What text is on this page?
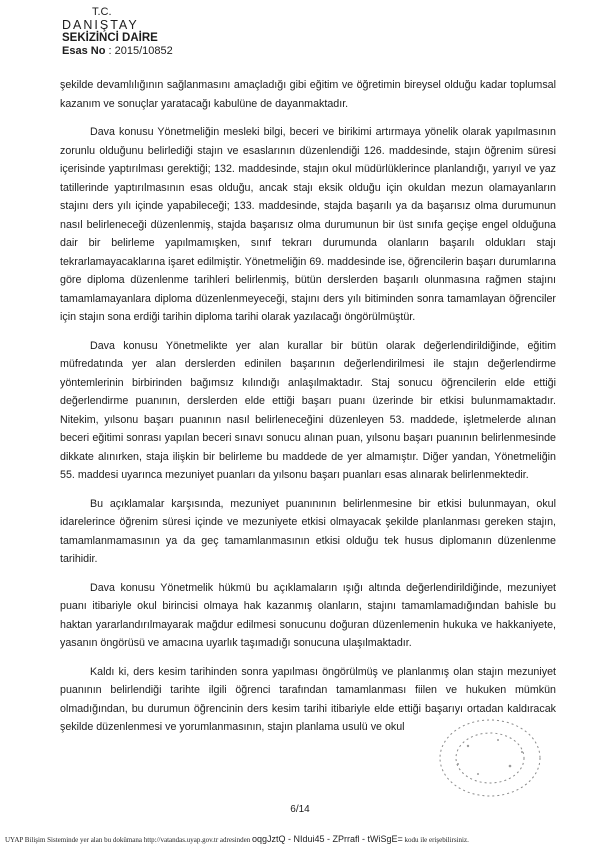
T.C.
DANIŞTAY
SEKİZİNCİ DAİRE
Esas No : 2015/10852

şekilde devamlılığının sağlanmasını amaçladığı gibi eğitim ve öğretimin bireysel olduğu kadar toplumsal kazanım ve sonuçlar yaratacağı kabulüne de dayanmaktadır.

Dava konusu Yönetmeliğin mesleki bilgi, beceri ve birikimi artırmaya yönelik olarak yapılmasının zorunlu olduğunu belirlediği stajın ve esaslarının düzenlendiği 126. maddesinde, stajın öğrenim süresi içerisinde yaptırılması gerektiği; 132. maddesinde, stajın okul müdürlüklerince planlandığı, yarıyıl ve yaz tatillerinde yaptırılmasının esas olduğu, ancak stajı eksik olduğu için okuldan mezun olamayanların stajını ders yılı içinde yapabileceği; 133. maddesinde, stajda başarılı ya da başarısız olma durumunun nasıl belirleneceği düzenlenmiş, stajda başarısız olma durumunun bir üst sınıfa geçişe engel olduğuna dair bir belirleme yapılmamışken, sınıf tekrarı durumunda olanların başarılı oldukları stajı tekrarlamayacaklarına işaret edilmiştir. Yönetmeliğin 69. maddesinde ise, öğrencilerin başarı durumlarına göre diploma düzenlenme tarihleri belirlenmiş, bütün derslerden başarılı olunmasına rağmen stajını tamamlamayanlara diploma düzenlenmeyeceği, stajını ders yılı bitiminden sonra tamamlayan öğrenciler için stajın sona erdiği tarihin diploma tarihi olarak yazılacağı öngörülmüştür.

Dava konusu Yönetmelikte yer alan kurallar bir bütün olarak değerlendirildiğinde, eğitim müfredatında yer alan derslerden edinilen başarının değerlendirilmesi ile stajın değerlendirme yöntemlerinin birbirinden bağımsız kılındığı anlaşılmaktadır. Staj sonucu öğrencilerin elde ettiği değerlendirme puanının, derslerden elde ettiği başarı puanı üzerinde bir etkisi bulunmamaktadır. Nitekim, yılsonu başarı puanının nasıl belirleneceğini düzenleyen 53. maddede, işletmelerde alınan beceri eğitimi sonrası yapılan beceri sınavı sonucu alınan puan, yılsonu başarı puanının belirlenmesinde dikkate alınırken, staja ilişkin bir belirleme bu maddede de yer almamıştır. Diğer yandan, Yönetmeliğin 55. maddesi uyarınca mezuniyet puanları da yılsonu başarı puanları esas alınarak belirlenmektedir.

Bu açıklamalar karşısında, mezuniyet puanınının belirlenmesine bir etkisi bulunmayan, okul idarelerince öğrenim süresi içinde ve mezuniyete etkisi olmayacak şekilde planlanması gereken stajın, tamamlanmamasının ya da geç tamamlanmasının etkisi olduğu tek husus diplomanın düzenlenme tarihidir.

Dava konusu Yönetmelik hükmü bu açıklamaların ışığı altında değerlendirildiğinde, mezuniyet puanı itibariyle okul birincisi olmaya hak kazanmış olanların, stajını tamamlamadığından bahisle bu haktan yararlandırılmayarak mağdur edilmesi sonucunu doğuran düzenlemenin hukuka ve hakkaniyete, yasanın öngörüsü ve amacına uyarlık taşımadığı sonucuna ulaşılmaktadır.

Kaldı ki, ders kesim tarihinden sonra yapılması öngörülmüş ve planlanmış olan stajın mezuniyet puanının belirlendiği tarihte ilgili öğrenci tarafından tamamlanması fiilen ve hukuken mümkün olmadığından, bu durumun öğrencinin ders kesim tarihi itibariyle elde ettiği başarıyı ortadan kaldıracak şekilde düzenlenmesi ve yorumlanmasının, stajın planlama usulü ve okul

6/14
UYAP Bilişim Sisteminde yer alan bu dokümana http://vatandas.uyap.gov.tr adresinden oqgJztQ - NIdui45 - ZPrrafl - tWiSgE= kodu ile erişebilirsiniz.
